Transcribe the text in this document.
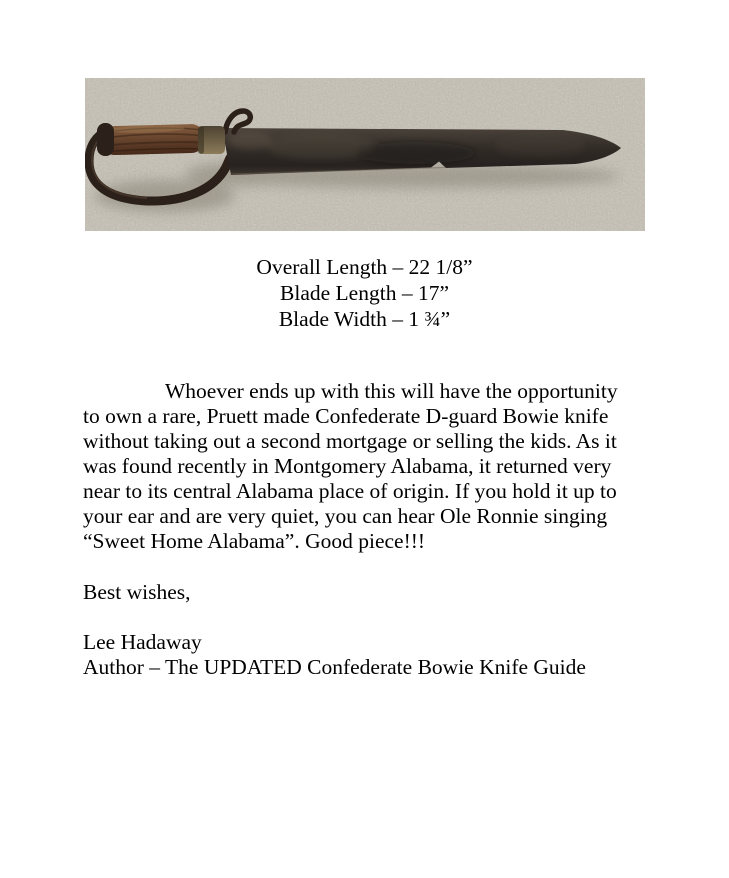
Overall Length – 22 1/8”
Blade Length – 17”
Blade Width – 1 ¾”

Whoever ends up with this will have the opportunity to own a rare, Pruett made Confederate D-guard Bowie knife without taking out a second mortgage or selling the kids. As it was found recently in Montgomery Alabama, it returned very near to its central Alabama place of origin. If you hold it up to your ear and are very quiet, you can hear Ole Ronnie singing “Sweet Home Alabama”. Good piece!!!

Best wishes,

Lee Hadaway

Author – The UPDATED Confederate Bowie Knife Guide
